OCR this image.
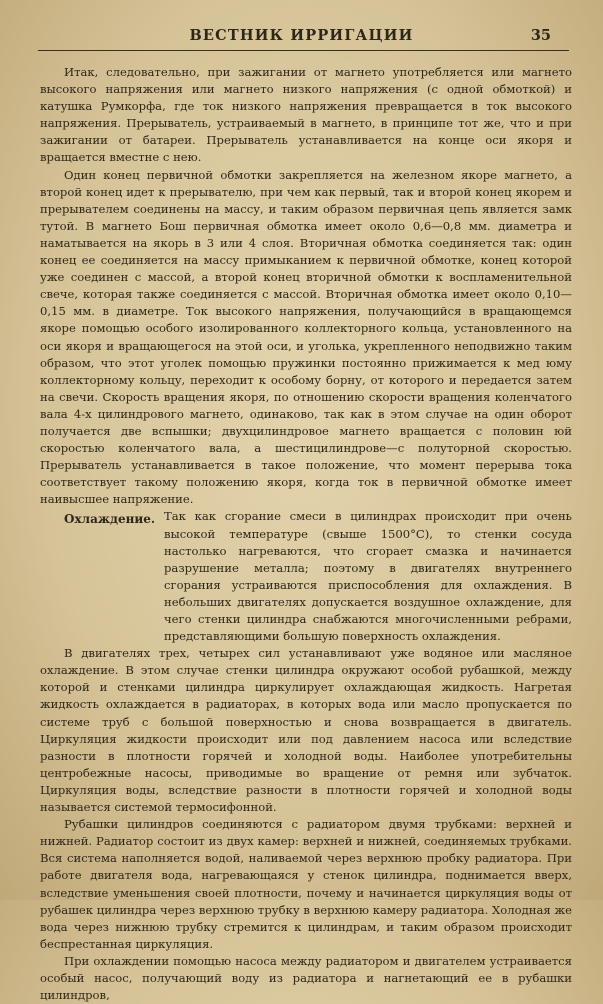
ВЕСТНИК ИРРИГАЦИИ	35

Итак, следовательно, при зажигании от магнето употребляется или магнето высокого напряжения или магнето низкого напряжения (с одной обмоткой) и катушка Румкорфа, где ток низкого напряжения превращается в ток высокого напряжения. Прерыватель, устраиваемый в магнето, в принципе тот же, что и при зажигании от батареи. Прерыватель устанавливается на конце оси якоря и вращается вместне с нею.

Один конец первичной обмотки закрепляется на железном якоре магнето, а второй конец идет к прерывателю, при чем как первый, так и второй конец якорем и прерывателем соединены на массу, и таким образом первичная цепь является замк тутой. В магнето Бош первичная обмотка имеет около 0,6—0,8 мм. диаметра и наматывается на якорь в 3 или 4 слоя. Вторичная обмотка соединяется так: один конец ее соединяется на массу примыканием к первичной обмотке, конец которой уже соединен с массой, а второй конец вторичной обмотки к воспламенительной свече, которая также соединяется с массой. Вторичная обмотка имеет около 0,10—0,15 мм. в диаметре. Ток высокого напряжения, получающийся в вращающемся якоре помощью особого изолированного коллекторного кольца, установленного на оси якоря и вращающегося на этой оси, и уголька, укрепленного неподвижно таким образом, что этот уголек помощью пружинки постоянно прижимается к мед юму коллекторному кольцу, переходит к особому борну, от которого и передается затем на свечи. Скорость вращения якоря, по отношению скорости вращения коленчатого вала 4-х цилиндрового магнето, одинаково, так как в этом случае на один оборот получается две вспышки; двухцилиндровое магнето вращается с половин юй скоростью коленчатого вала, а шестицилиндрове—с полуторной скоростью. Прерыватель устанавливается в такое положение, что момент перерыва тока соответствует такому положению якоря, когда ток в первичной обмотке имеет наивысшее напряжение.

Охлаждение. Так как сгорание смеси в цилиндрах происходит при очень высокой температуре (свыше 1500°С), то стенки сосуда настолько нагреваются, что сгорает смазка и начинается разрушение металла; поэтому в двигателях внутреннего сгорания устраиваются приспособления для охлаждения. В небольших двигателях допускается воздушное охлаждение, для чего стенки цилиндра снабжаются многочисленными ребрами, представляющими большую поверхность охлаждения.

В двигателях трех, четырех сил устанавливают уже водяное или масляное охлаждение. В этом случае стенки цилиндра окружают особой рубашкой, между которой и стенками цилиндра циркулирует охлаждающая жидкость. Нагретая жидкость охлаждается в радиаторах, в которых вода или масло пропускается по системе труб с большой поверхностью и снова возвращается в двигатель. Циркуляция жидкости происходит или под давлением насоса или вследствие разности в плотности горячей и холодной воды. Наиболее употребительны центробежные насосы, приводимые во вращение от ремня или зубчаток. Циркуляция воды, вследствие разности в плотности горячей и холодной воды называется системой термосифонной.

Рубашки цилиндров соединяются с радиатором двумя трубками: верхней и нижней. Радиатор состоит из двух камер: верхней и нижней, соединяемых трубками. Вся система наполняется водой, наливаемой через верхнюю пробку радиатора. При работе двигателя вода, нагревающаяся у стенок цилиндра, поднимается вверх, вследствие уменьшения своей плотности, почему и начинается циркуляция воды от рубашек цилиндра через верхнюю трубку в верхнюю камеру радиатора. Холодная же вода через нижнюю трубку стремится к цилиндрам, и таким образом происходит беспрестанная циркуляция.

При охлаждении помощью насоса между радиатором и двигателем устраивается особый насос, получающий воду из радиатора и нагнетающий ее в рубашки цилиндров,
